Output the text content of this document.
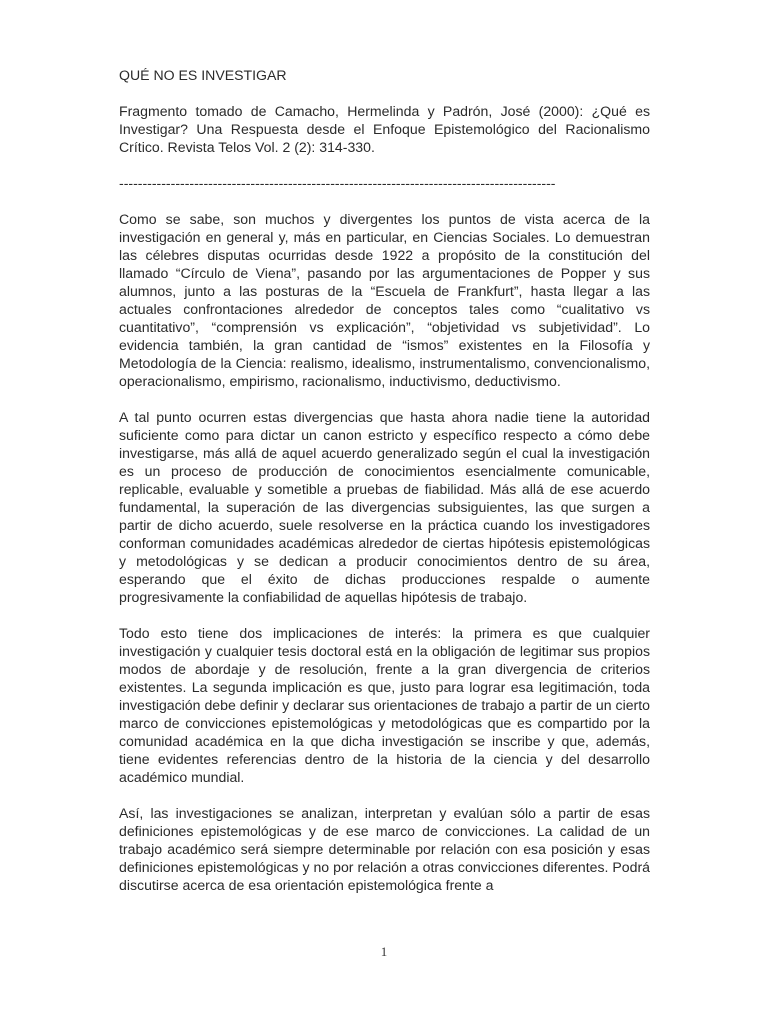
QUÉ NO ES INVESTIGAR
Fragmento tomado de Camacho, Hermelinda y Padrón, José (2000): ¿Qué es Investigar? Una Respuesta desde el Enfoque Epistemológico del Racionalismo Crítico. Revista Telos Vol. 2 (2): 314-330.
---------------------------------------------------------------------------------------------

Como se sabe, son muchos y divergentes los puntos de vista acerca de la investigación en general y, más en particular, en Ciencias Sociales. Lo demuestran las célebres disputas ocurridas desde 1922 a propósito de la constitución del llamado “Círculo de Viena”, pasando por las argumentaciones de Popper y sus alumnos, junto a las posturas de la “Escuela de Frankfurt”, hasta llegar a las actuales confrontaciones alrededor de conceptos tales como “cualitativo vs cuantitativo”, “comprensión vs explicación”, “objetividad vs subjetividad”. Lo evidencia también, la gran cantidad de “ismos” existentes en la Filosofía y Metodología de la Ciencia: realismo, idealismo, instrumentalismo, convencionalismo, operacionalismo, empirismo, racionalismo, inductivismo, deductivismo.

A tal punto ocurren estas divergencias que hasta ahora nadie tiene la autoridad suficiente como para dictar un canon estricto y específico respecto a cómo debe investigarse, más allá de aquel acuerdo generalizado según el cual la investigación es un proceso de producción de conocimientos esencialmente comunicable, replicable, evaluable y sometible a pruebas de fiabilidad. Más allá de ese acuerdo fundamental, la superación de las divergencias subsiguientes, las que surgen a partir de dicho acuerdo, suele resolverse en la práctica cuando los investigadores conforman comunidades académicas alrededor de ciertas hipótesis epistemológicas y metodológicas y se dedican a producir conocimientos dentro de su área, esperando que el éxito de dichas producciones respalde o aumente progresivamente la confiabilidad de aquellas hipótesis de trabajo.

Todo esto tiene dos implicaciones de interés: la primera es que cualquier investigación y cualquier tesis doctoral está en la obligación de legitimar sus propios modos de abordaje y de resolución, frente a la gran divergencia de criterios existentes. La segunda implicación es que, justo para lograr esa legitimación, toda investigación debe definir y declarar sus orientaciones de trabajo a partir de un cierto marco de convicciones epistemológicas y metodológicas que es compartido por la comunidad académica en la que dicha investigación se inscribe y que, además, tiene evidentes referencias dentro de la historia de la ciencia y del desarrollo académico mundial.

Así, las investigaciones se analizan, interpretan y evalúan sólo a partir de esas definiciones epistemológicas y de ese marco de convicciones. La calidad de un trabajo académico será siempre determinable por relación con esa posición y esas definiciones epistemológicas y no por relación a otras convicciones diferentes. Podrá discutirse acerca de esa orientación epistemológica frente a

1
